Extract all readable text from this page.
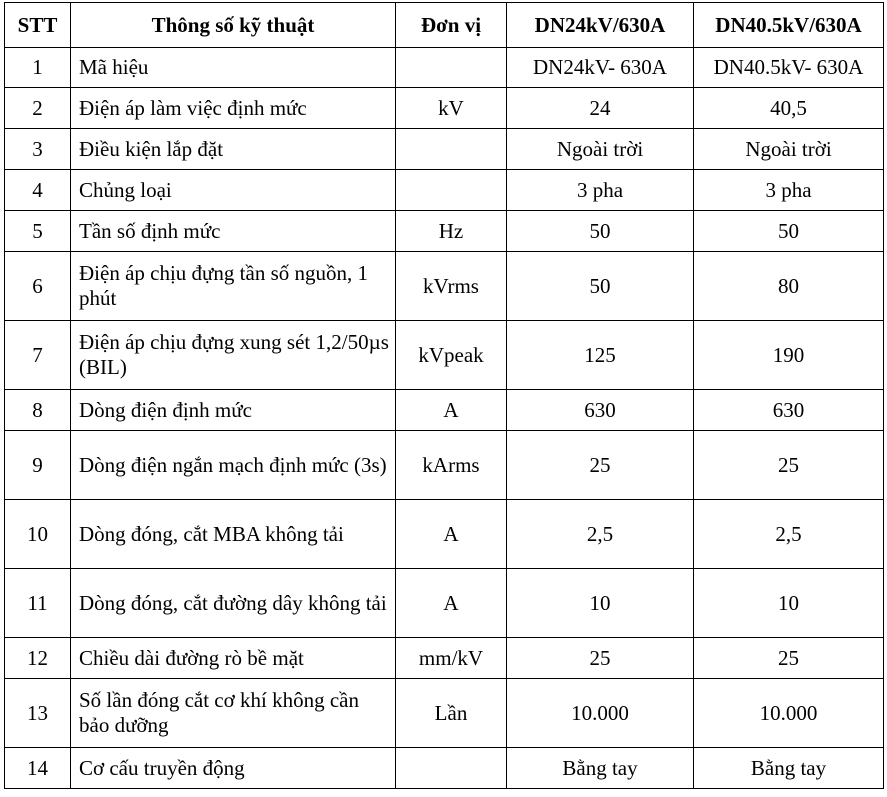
STT	Thông số kỹ thuật	Đơn vị	DN24kV/630A	DN40.5kV/630A
1	Mã hiệu		DN24kV- 630A	DN40.5kV- 630A
2	Điện áp làm việc định mức	kV	24	40,5
3	Điều kiện lắp đặt		Ngoài trời	Ngoài trời
4	Chủng loại		3 pha	3 pha
5	Tần số định mức	Hz	50	50
6	Điện áp chịu đựng tần số nguồn, 1 phút	kVrms	50	80
7	Điện áp chịu đựng xung sét 1,2/50µs (BIL)	kVpeak	125	190
8	Dòng điện định mức	A	630	630
9	Dòng điện ngắn mạch định mức (3s)	kArms	25	25
10	Dòng đóng, cắt MBA không tải	A	2,5	2,5
11	Dòng đóng, cắt đường dây không tải	A	10	10
12	Chiều dài đường rò bề mặt	mm/kV	25	25
13	Số lần đóng cắt cơ khí không cần bảo dưỡng	Lần	10.000	10.000
14	Cơ cấu truyền động		Bằng tay	Bằng tay
